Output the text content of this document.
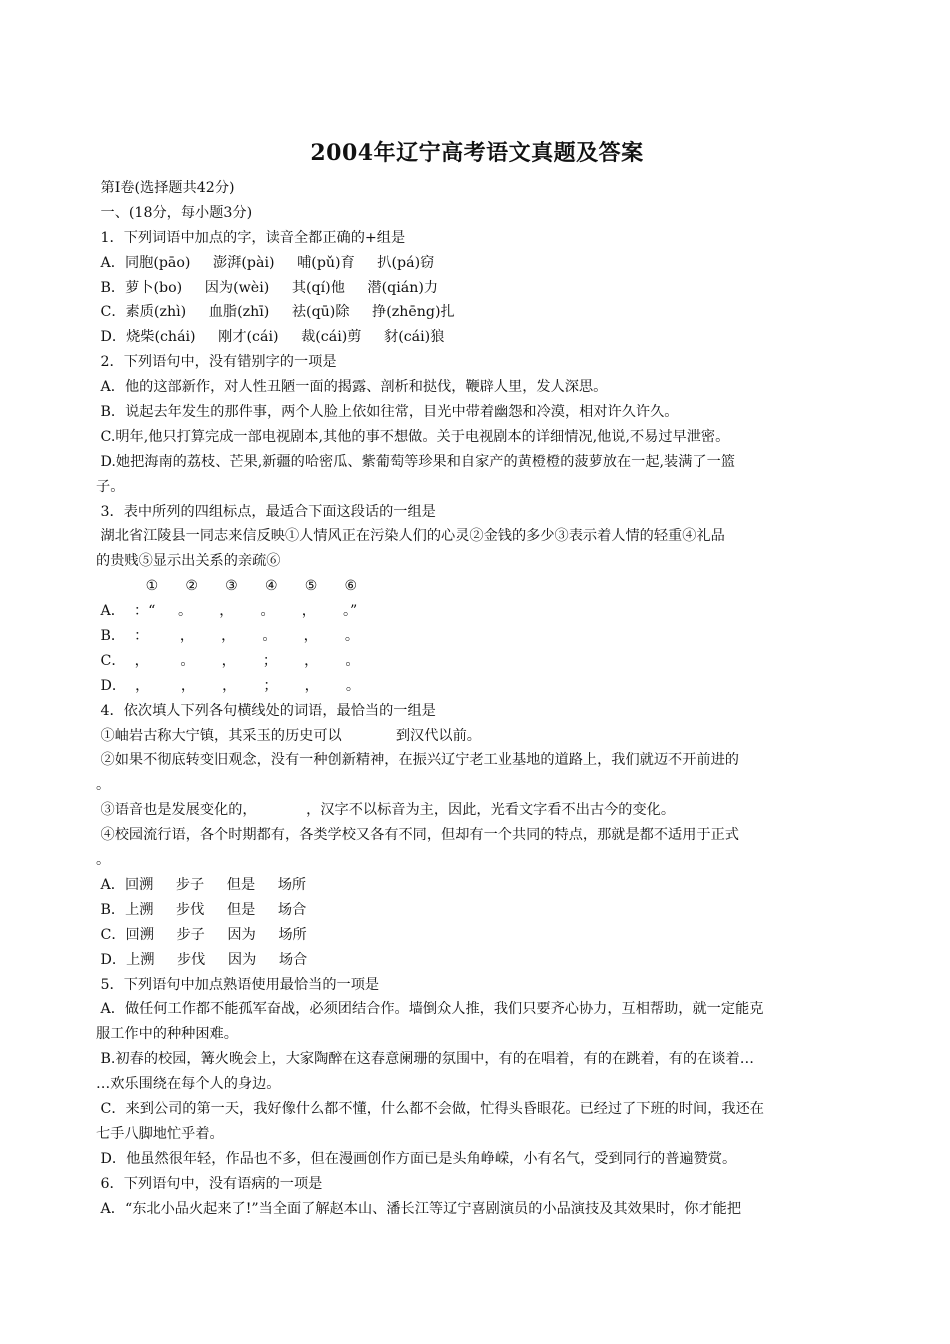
2004年辽宁高考语文真题及答案
第Ⅰ卷(选择题共42分)
一、(18分，每小题3分)
1．下列词语中加点的字，读音全都正确的+组是
A．同胞(pāo)     澎湃(pài)     哺(pǔ)育     扒(pá)窃
B．萝卜(bo)     因为(wèi)     其(qí)他     潜(qián)力
C．素质(zhì)     血脂(zhī)     祛(qū)除     挣(zhēng)扎
D．烧柴(chái)     刚才(cái)     裁(cái)剪     豺(cái)狼
2．下列语句中，没有错别字的一项是
A．他的这部新作，对人性丑陋一面的揭露、剖析和挞伐，鞭辟人里，发人深思。
B．说起去年发生的那件事，两个人脸上依如往常，目光中带着幽怨和冷漠，相对许久许久。
C.明年,他只打算完成一部电视剧本,其他的事不想做。关于电视剧本的详细情况,他说,不易过早泄密。
D.她把海南的荔枝、芒果,新疆的哈密瓜、紫葡萄等珍果和自家产的黄橙橙的菠萝放在一起,装满了一篮
子。
3．表中所列的四组标点，最适合下面这段话的一组是
湖北省江陵县一同志来信反映①人情风正在污染人们的心灵②金钱的多少③表示着人情的轻重④礼品
的贵贱⑤显示出关系的亲疏⑥
①      ②      ③      ④      ⑤      ⑥
A．  ：“     。      ，      。      ，      。”
B．  ：       ，      ，      。      ，      。
C．  ，       。      ，      ；      ，      。
D．  ，       ，      ，      ；      ，      。
4．依次填人下列各句横线处的词语，最恰当的一组是
①岫岩古称大宁镇，其采玉的历史可以            到汉代以前。
②如果不彻底转变旧观念，没有一种创新精神，在振兴辽宁老工业基地的道路上，我们就迈不开前进的
。
③语音也是发展变化的，           ，汉字不以标音为主，因此，光看文字看不出古今的变化。
④校园流行语，各个时期都有，各类学校又各有不同，但却有一个共同的特点，那就是都不适用于正式
。
A．回溯     步子     但是     场所
B．上溯     步伐     但是     场合
C．回溯     步子     因为     场所
D．上溯     步伐     因为     场合
5．下列语句中加点熟语使用最恰当的一项是
A．做任何工作都不能孤军奋战，必须团结合作。墙倒众人推，我们只要齐心协力，互相帮助，就一定能克
服工作中的种种困难。
B.初春的校园，篝火晚会上，大家陶醉在这春意阑珊的氛围中，有的在唱着，有的在跳着，有的在谈着…
…欢乐围绕在每个人的身边。
C．来到公司的第一天，我好像什么都不懂，什么都不会做，忙得头昏眼花。已经过了下班的时间，我还在
七手八脚地忙乎着。
D．他虽然很年轻，作品也不多，但在漫画创作方面已是头角峥嵘，小有名气，受到同行的普遍赞赏。
6．下列语句中，没有语病的一项是
A．“东北小品火起来了!”当全面了解赵本山、潘长江等辽宁喜剧演员的小品演技及其效果时，你才能把
